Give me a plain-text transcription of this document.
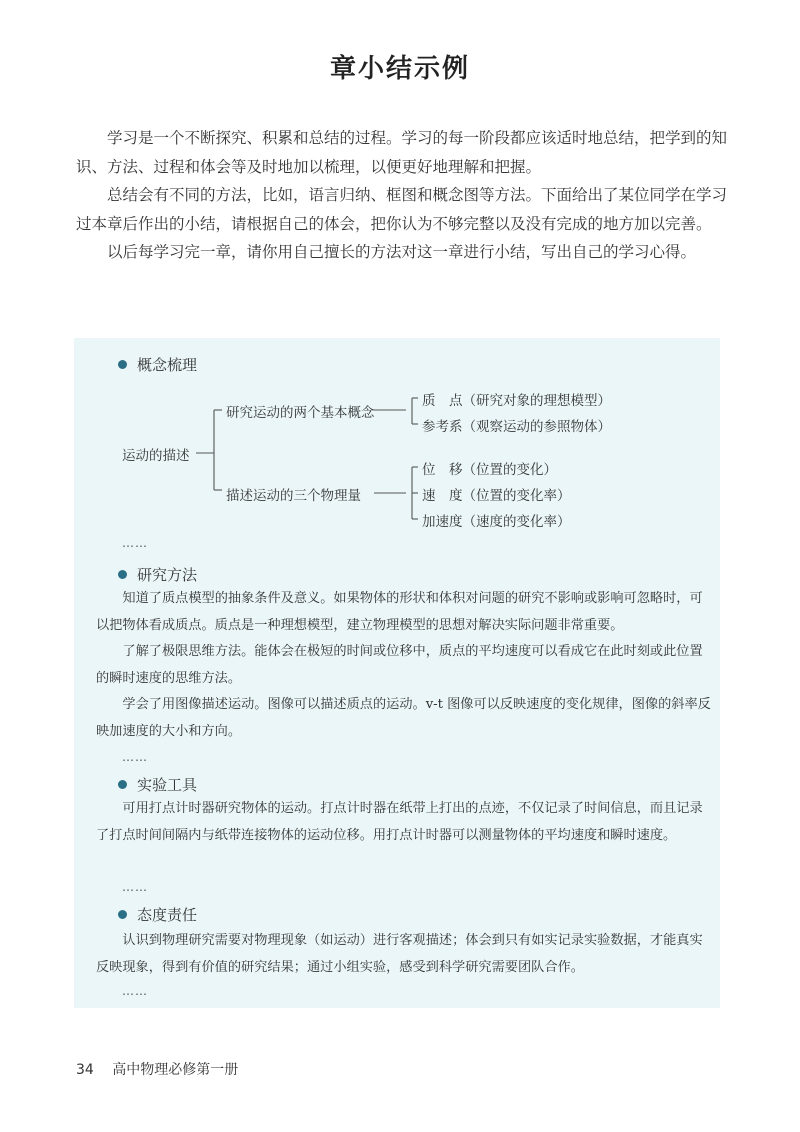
章小结示例

学习是一个不断探究、积累和总结的过程。学习的每一阶段都应该适时地总结，把学到的知识、方法、过程和体会等及时地加以梳理，以便更好地理解和把握。

总结会有不同的方法，比如，语言归纳、框图和概念图等方法。下面给出了某位同学在学习过本章后作出的小结，请根据自己的体会，把你认为不够完整以及没有完成的地方加以完善。

以后每学习完一章，请你用自己擅长的方法对这一章进行小结，写出自己的学习心得。

概念梳理
运动的描述
研究运动的两个基本概念
质　点（研究对象的理想模型）
参考系（观察运动的参照物体）
描述运动的三个物理量
位　移（位置的变化）
速　度（位置的变化率）
加速度（速度的变化率）
……
研究方法

知道了质点模型的抽象条件及意义。如果物体的形状和体积对问题的研究不影响或影响可忽略时，可以把物体看成质点。质点是一种理想模型，建立物理模型的思想对解决实际问题非常重要。

了解了极限思维方法。能体会在极短的时间或位移中，质点的平均速度可以看成它在此时刻或此位置的瞬时速度的思维方法。

学会了用图像描述运动。图像可以描述质点的运动。v-t 图像可以反映速度的变化规律，图像的斜率反映加速度的大小和方向。

……
实验工具

可用打点计时器研究物体的运动。打点计时器在纸带上打出的点迹，不仅记录了时间信息，而且记录了打点时间间隔内与纸带连接物体的运动位移。用打点计时器可以测量物体的平均速度和瞬时速度。

……
态度责任

认识到物理研究需要对物理现象（如运动）进行客观描述；体会到只有如实记录实验数据，才能真实反映现象，得到有价值的研究结果；通过小组实验，感受到科学研究需要团队合作。

……
34 高中物理必修第一册
